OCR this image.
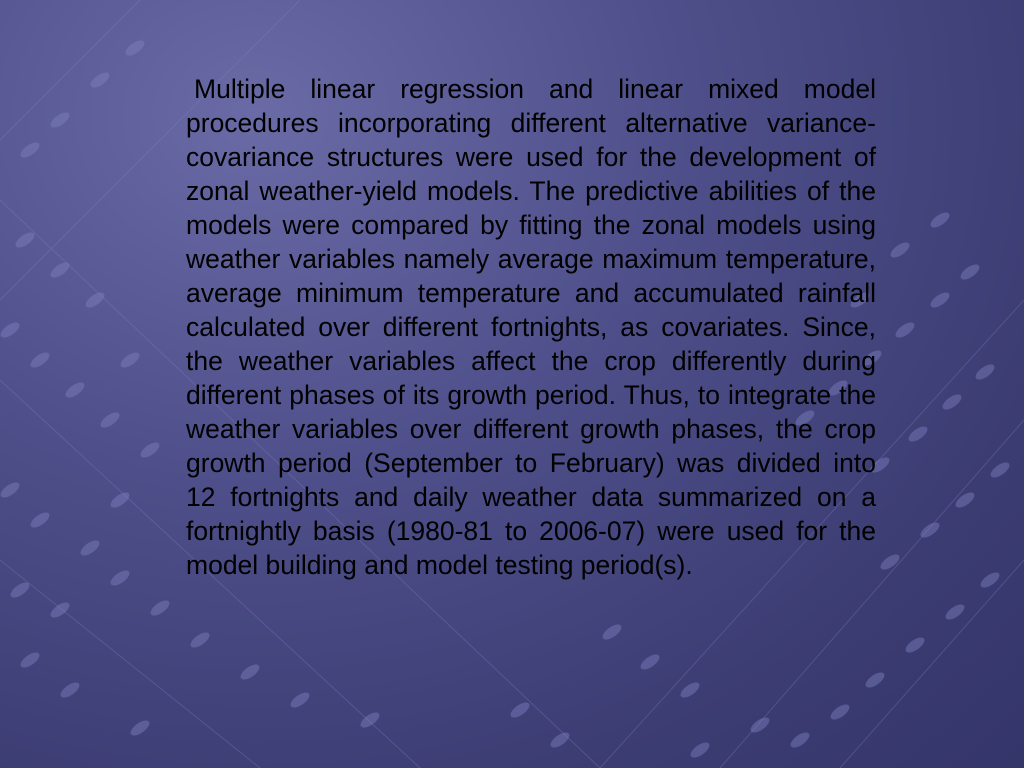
Multiple linear regression and linear mixed model procedures incorporating different alternative variance-covariance structures were used for the development of zonal weather-yield models. The predictive abilities of the models were compared by fitting the zonal models using weather variables namely average maximum temperature, average minimum temperature and accumulated rainfall calculated over different fortnights, as covariates. Since, the weather variables affect the crop differently during different phases of its growth period. Thus, to integrate the weather variables over different growth phases, the crop growth period (September to February) was divided into 12 fortnights and daily weather data summarized on a fortnightly basis (1980-81 to 2006-07) were used for the model building and model testing period(s).
